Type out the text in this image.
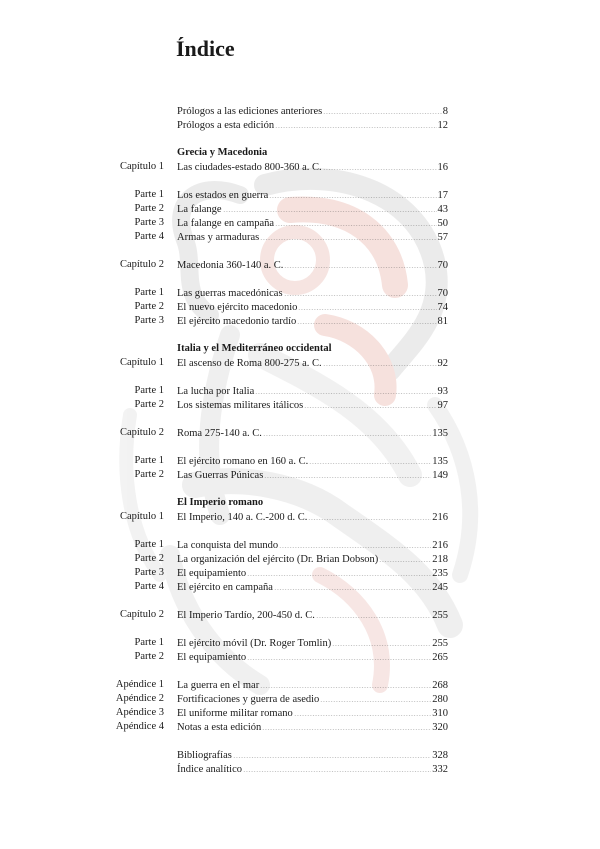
Índice
Prólogos a las ediciones anteriores	8
Prólogos a esta edición	12
Grecia y Macedonia
Capítulo 1 Las ciudades-estado 800-360 a. C.	16
Parte 1 Los estados en guerra	17
Parte 2 La falange	43
Parte 3 La falange en campaña	50
Parte 4 Armas y armaduras	57
Capítulo 2 Macedonia 360-140 a. C.	70
Parte 1 Las guerras macedónicas	70
Parte 2 El nuevo ejército macedonio	74
Parte 3 El ejército macedonio tardío	81
Italia y el Mediterráneo occidental
Capítulo 1 El ascenso de Roma 800-275 a. C.	92
Parte 1 La lucha por Italia	93
Parte 2 Los sistemas militares itálicos	97
Capítulo 2 Roma 275-140 a. C.	135
Parte 1 El ejército romano en 160 a. C.	135
Parte 2 Las Guerras Púnicas	149
El Imperio romano
Capítulo 1 El Imperio, 140 a. C.-200 d. C.	216
Parte 1 La conquista del mundo	216
Parte 2 La organización del ejército (Dr. Brian Dobson)	218
Parte 3 El equipamiento	235
Parte 4 El ejército en campaña	245
Capítulo 2 El Imperio Tardío, 200-450 d. C.	255
Parte 1 El ejército móvil (Dr. Roger Tomlin)	255
Parte 2 El equipamiento	265
Apéndice 1 La guerra en el mar	268
Apéndice 2 Fortificaciones y guerra de asedio	280
Apéndice 3 El uniforme militar romano	310
Apéndice 4 Notas a esta edición	320
Bibliografías	328
Índice analítico	332
